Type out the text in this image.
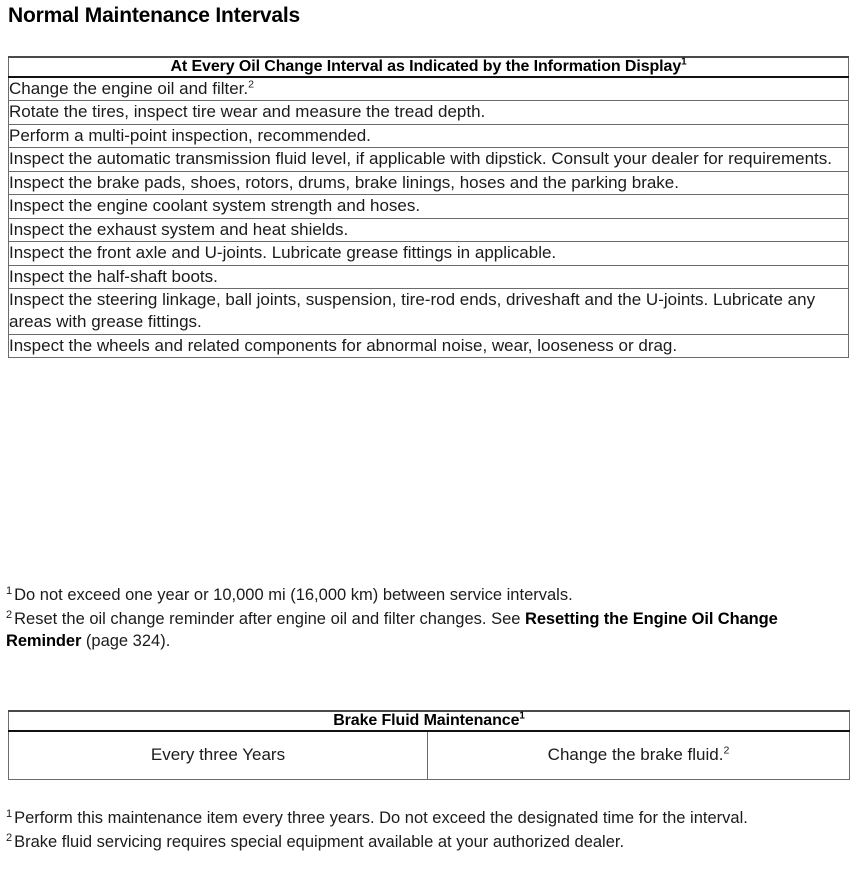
Normal Maintenance Intervals
At Every Oil Change Interval as Indicated by the Information Display$^1$
Change the engine oil and filter.$^2$
Rotate the tires, inspect tire wear and measure the tread depth.
Perform a multi-point inspection, recommended.
Inspect the automatic transmission fluid level, if applicable with dipstick. Consult your dealer for requirements.
Inspect the brake pads, shoes, rotors, drums, brake linings, hoses and the parking brake.
Inspect the engine coolant system strength and hoses.
Inspect the exhaust system and heat shields.
Inspect the front axle and U-joints. Lubricate grease fittings in applicable.
Inspect the half-shaft boots.
Inspect the steering linkage, ball joints, suspension, tire-rod ends, driveshaft and the U-joints. Lubricate any areas with grease fittings.
Inspect the wheels and related components for abnormal noise, wear, looseness or drag.

$^1$ Do not exceed one year or 10,000 mi (16,000 km) between service intervals.

$^2$ Reset the oil change reminder after engine oil and filter changes. See Resetting the Engine Oil Change Reminder (page 324).

Brake Fluid Maintenance$^1$
Every three Years	Change the brake fluid.$^2$

$^1$ Perform this maintenance item every three years. Do not exceed the designated time for the interval.

$^2$ Brake fluid servicing requires special equipment available at your authorized dealer.
